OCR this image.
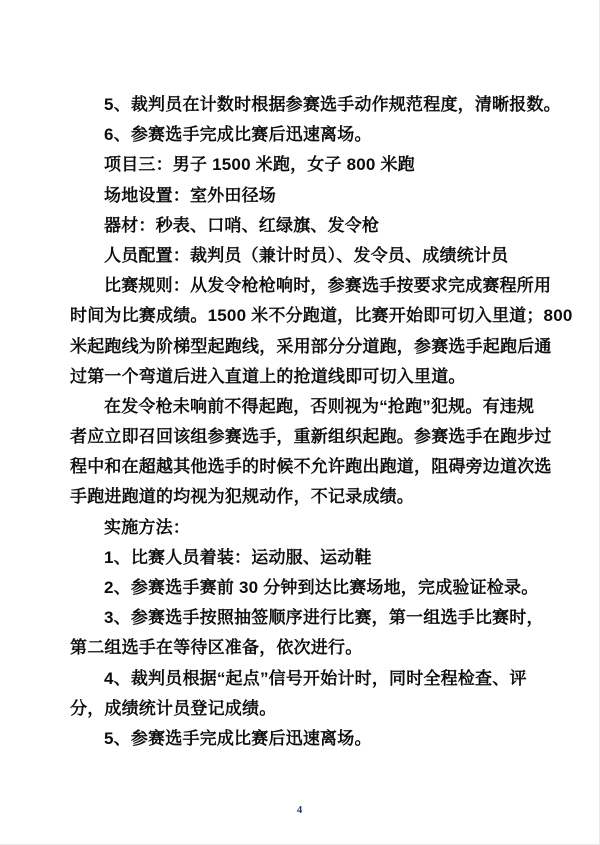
5、裁判员在计数时根据参赛选手动作规范程度，清晰报数。
6、参赛选手完成比赛后迅速离场。
项目三：男子 1500 米跑，女子 800 米跑
场地设置：室外田径场
器材：秒表、口哨、红绿旗、发令枪
人员配置：裁判员（兼计时员）、发令员、成绩统计员
比赛规则：从发令枪枪响时，参赛选手按要求完成赛程所用
时间为比赛成绩。1500 米不分跑道，比赛开始即可切入里道；800
米起跑线为阶梯型起跑线，采用部分分道跑，参赛选手起跑后通
过第一个弯道后进入直道上的抢道线即可切入里道。
在发令枪未响前不得起跑，否则视为“抢跑”犯规。有违规
者应立即召回该组参赛选手，重新组织起跑。参赛选手在跑步过
程中和在超越其他选手的时候不允许跑出跑道，阻碍旁边道次选
手跑进跑道的均视为犯规动作，不记录成绩。
实施方法：
1、比赛人员着装：运动服、运动鞋
2、参赛选手赛前 30 分钟到达比赛场地，完成验证检录。
3、参赛选手按照抽签顺序进行比赛，第一组选手比赛时，
第二组选手在等待区准备，依次进行。
4、裁判员根据“起点”信号开始计时，同时全程检查、评
分，成绩统计员登记成绩。
5、参赛选手完成比赛后迅速离场。
4
